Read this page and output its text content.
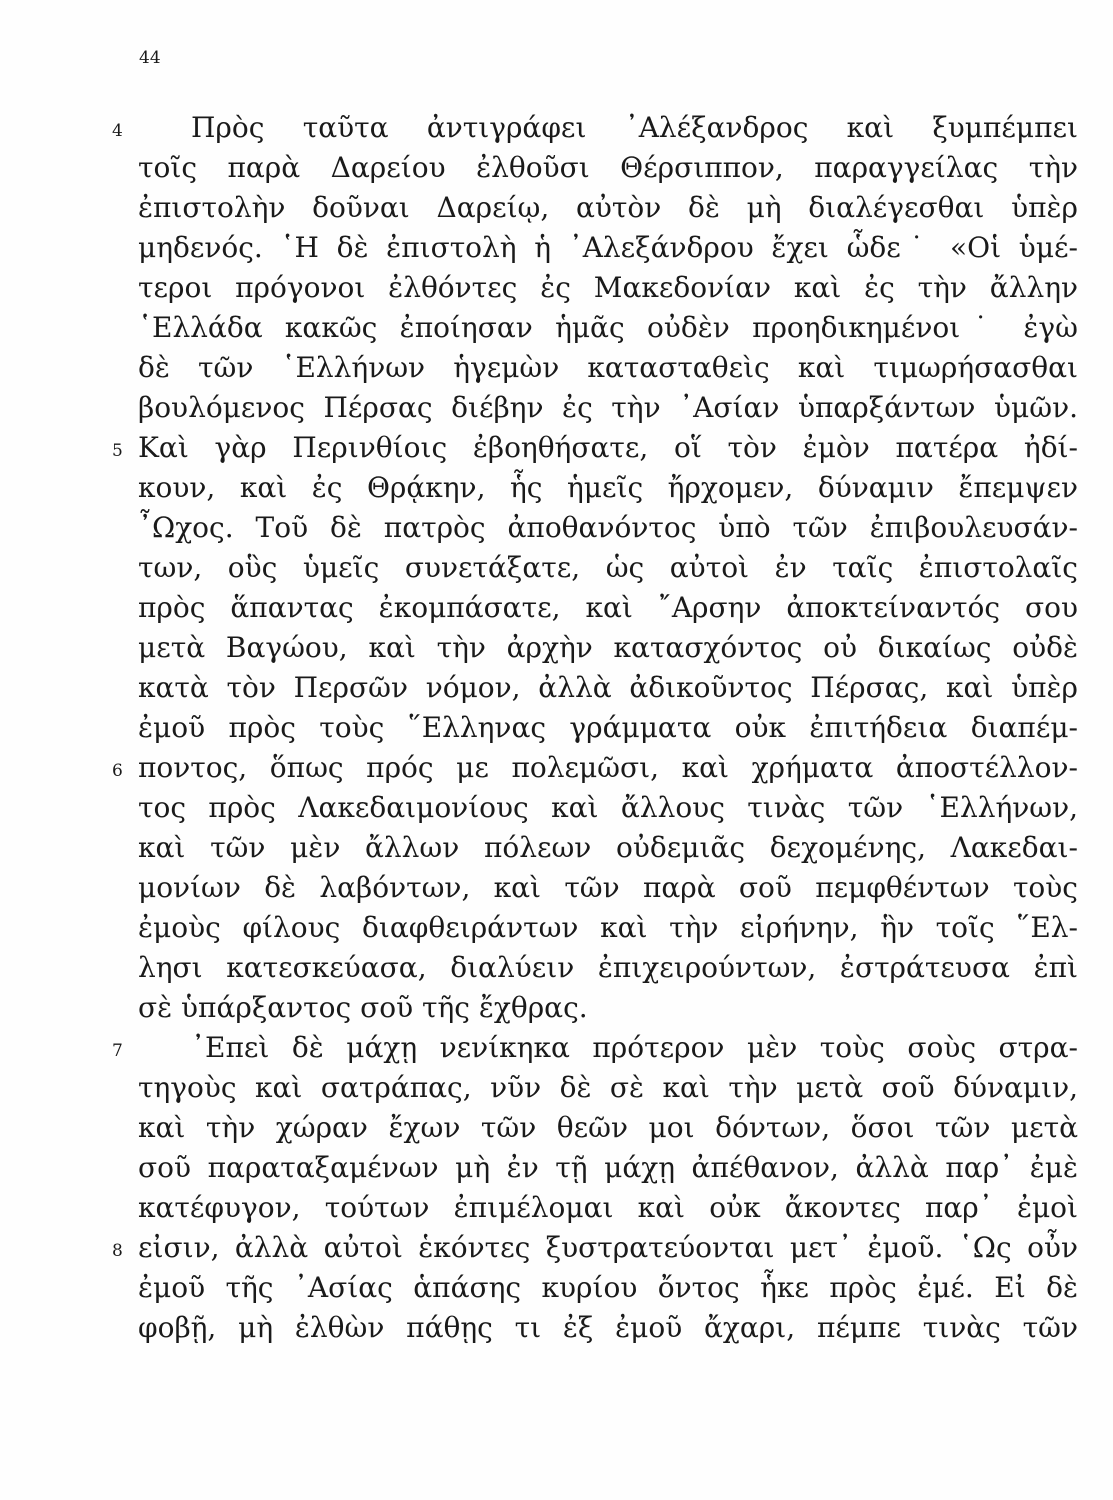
44
4 Πρὸς ταῦτα ἀντιγράφει ᾿Αλέξανδρος καὶ ξυμπέμπει
τοῖς παρὰ Δαρείου ἐλθοῦσι Θέρσιππον, παραγγείλας τὴν
ἐπιστολὴν δοῦναι Δαρείῳ, αὐτὸν δὲ μὴ διαλέγεσθαι ὑπὲρ
μηδενός. ῾Η δὲ ἐπιστολὴ ἡ ᾿Αλεξάνδρου ἔχει ὧδε˙ «Οἱ ὑμέ-
τεροι πρόγονοι ἐλθόντες ἐς Μακεδονίαν καὶ ἐς τὴν ἄλλην
῾Ελλάδα κακῶς ἐποίησαν ἡμᾶς οὐδὲν προηδικημένοι˙ ἐγὼ
δὲ τῶν ῾Ελλήνων ἡγεμὼν κατασταθεὶς καὶ τιμωρήσασθαι
βουλόμενος Πέρσας διέβην ἐς τὴν ᾿Ασίαν ὑπαρξάντων ὑμῶν.
5 Καὶ γὰρ Περινθίοις ἐβοηθήσατε, οἵ τὸν ἐμὸν πατέρα ἠδί-
κουν, καὶ ἐς Θρᾴκην, ἧς ἡμεῖς ἤρχομεν, δύναμιν ἔπεμψεν
῏Ωχος. Τοῦ δὲ πατρὸς ἀποθανόντος ὑπὸ τῶν ἐπιβουλευσάν-
των, οὓς ὑμεῖς συνετάξατε, ὡς αὐτοὶ ἐν ταῖς ἐπιστολαῖς
πρὸς ἅπαντας ἐκομπάσατε, καὶ ῎Αρσην ἀποκτείναντός σου
μετὰ Βαγώου, καὶ τὴν ἀρχὴν κατασχόντος οὐ δικαίως οὐδὲ
κατὰ τὸν Περσῶν νόμον, ἀλλὰ ἀδικοῦντος Πέρσας, καὶ ὑπὲρ
ἐμοῦ πρὸς τοὺς ῞Ελληνας γράμματα οὐκ ἐπιτήδεια διαπέμ-
6 ποντος, ὅπως πρός με πολεμῶσι, καὶ χρήματα ἀποστέλλον-
τος πρὸς Λακεδαιμονίους καὶ ἄλλους τινὰς τῶν ῾Ελλήνων,
καὶ τῶν μὲν ἄλλων πόλεων οὐδεμιᾶς δεχομένης, Λακεδαι-
μονίων δὲ λαβόντων, καὶ τῶν παρὰ σοῦ πεμφθέντων τοὺς
ἐμοὺς φίλους διαφθειράντων καὶ τὴν εἰρήνην, ἣν τοῖς ῞Ελ-
λησι κατεσκεύασα, διαλύειν ἐπιχειρούντων, ἐστράτευσα ἐπὶ
σὲ ὑπάρξαντος σοῦ τῆς ἔχθρας.
7 ᾿Επεὶ δὲ μάχῃ νενίκηκα πρότερον μὲν τοὺς σοὺς στρα-
τηγοὺς καὶ σατράπας, νῦν δὲ σὲ καὶ τὴν μετὰ σοῦ δύναμιν,
καὶ τὴν χώραν ἔχων τῶν θεῶν μοι δόντων, ὅσοι τῶν μετὰ
σοῦ παραταξαμένων μὴ ἐν τῇ μάχῃ ἀπέθανον, ἀλλὰ παρ᾿ ἐμὲ
κατέφυγον, τούτων ἐπιμέλομαι καὶ οὐκ ἄκοντες παρ᾿ ἐμοὶ
8 εἰσιν, ἀλλὰ αὐτοὶ ἑκόντες ξυστρατεύονται μετ᾿ ἐμοῦ. ῾Ως οὖν
ἐμοῦ τῆς ᾿Ασίας ἁπάσης κυρίου ὄντος ἧκε πρὸς ἐμέ. Εἰ δὲ
φοβῇ, μὴ ἐλθὼν πάθῃς τι ἐξ ἐμοῦ ἄχαρι, πέμπε τινὰς τῶν
